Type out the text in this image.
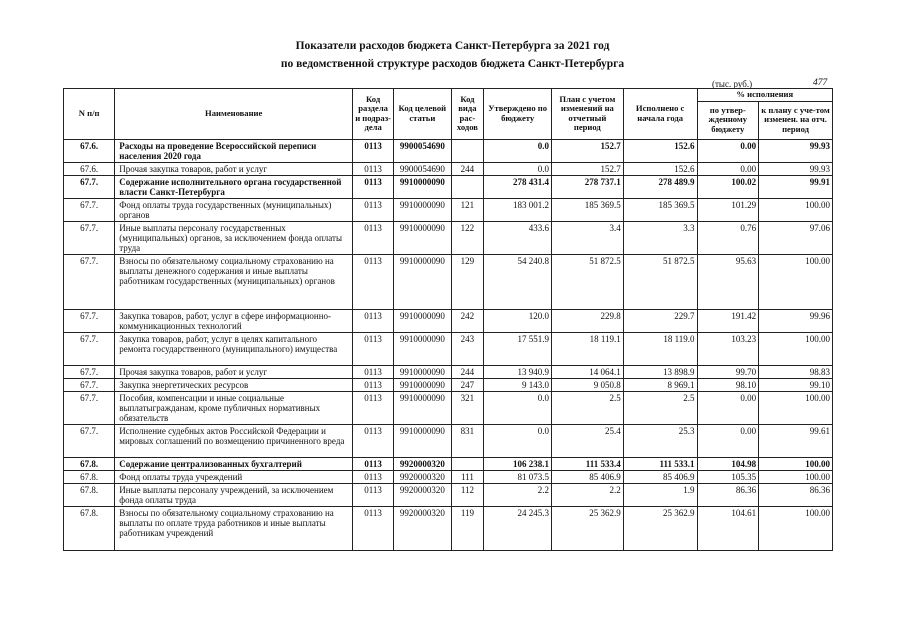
Показатели расходов бюджета Санкт-Петербурга за 2021 год
по ведомственной структуре расходов бюджета Санкт-Петербурга
(тыс. руб.)	477
N п/п	Наименование	Код раздела и подраз-дела	Код целевой статьи	Код вида рас-ходов	Утверждено по бюджету	План с учетом изменений на отчетный период	Исполнено с начала года	% исполнения	
								по утвер-жденному бюджету	к плану с уче-том изменен. на отч. период
67.6.	Расходы на проведение Всероссийской переписи населения 2020 года	0113	9900054690		0.0	152.7	152.6	0.00	99.93
67.6.	Прочая закупка товаров, работ и услуг	0113	9900054690	244	0.0	152.7	152.6	0.00	99.93
67.7.	Содержание исполнительного органа государственной власти Санкт-Петербурга	0113	9910000090		278 431.4	278 737.1	278 489.9	100.02	99.91
67.7.	Фонд оплаты труда государственных (муниципальных) органов	0113	9910000090	121	183 001.2	185 369.5	185 369.5	101.29	100.00
67.7.	Иные выплаты персоналу государственных (муниципальных) органов, за исключением фонда оплаты труда	0113	9910000090	122	433.6	3.4	3.3	0.76	97.06
67.7.	Взносы по обязательному социальному страхованию на выплаты денежного содержания и иные выплаты работникам государственных (муниципальных) органов	0113	9910000090	129	54 240.8	51 872.5	51 872.5	95.63	100.00
67.7.	Закупка товаров, работ, услуг в сфере информационно-коммуникационных технологий	0113	9910000090	242	120.0	229.8	229.7	191.42	99.96
67.7.	Закупка товаров, работ, услуг в целях капитального ремонта государственного (муниципального) имущества	0113	9910000090	243	17 551.9	18 119.1	18 119.0	103.23	100.00
67.7.	Прочая закупка товаров, работ и услуг	0113	9910000090	244	13 940.9	14 064.1	13 898.9	99.70	98.83
67.7.	Закупка энергетических ресурсов	0113	9910000090	247	9 143.0	9 050.8	8 969.1	98.10	99.10
67.7.	Пособия, компенсации и иные социальные выплатыгражданам, кроме публичных нормативных обязательств	0113	9910000090	321	0.0	2.5	2.5	0.00	100.00
67.7.	Исполнение судебных актов Российской Федерации и мировых соглашений по возмещению причиненного вреда	0113	9910000090	831	0.0	25.4	25.3	0.00	99.61
67.8.	Содержание централизованных бухгалтерий	0113	9920000320		106 238.1	111 533.4	111 533.1	104.98	100.00
67.8.	Фонд оплаты труда учреждений	0113	9920000320	111	81 073.5	85 406.9	85 406.9	105.35	100.00
67.8.	Иные выплаты персоналу учреждений, за исключением фонда оплаты труда	0113	9920000320	112	2.2	2.2	1.9	86.36	86.36
67.8.	Взносы по обязательному социальному страхованию на выплаты по оплате труда работников и иные выплаты работникам учреждений	0113	9920000320	119	24 245.3	25 362.9	25 362.9	104.61	100.00
